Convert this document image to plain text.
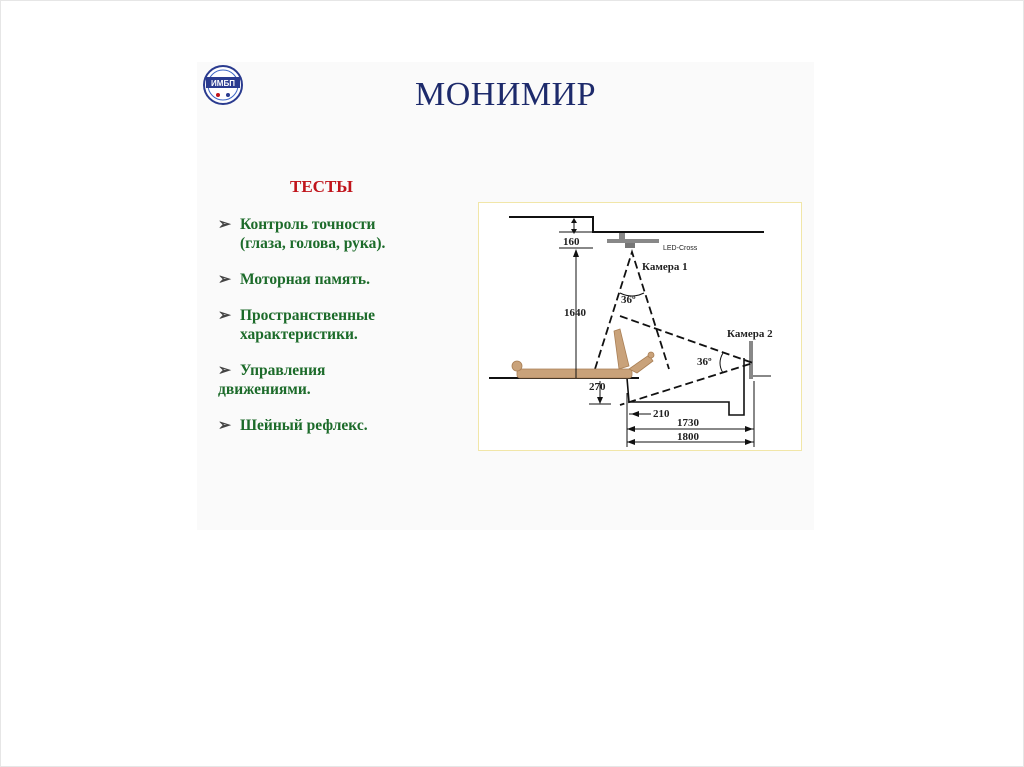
ИМБП	МОНИМИР
ТЕСТЫ
➢ Контроль точности
(глаза, голова, рука).
➢ Моторная память.
➢ Пространственные
характеристики.
➢ Управления
движениями.
➢ Шейный рефлекс.
160
LED-Cross
Камера 1
36º
1640
Камера 2
36º
270
210
1730
1800
